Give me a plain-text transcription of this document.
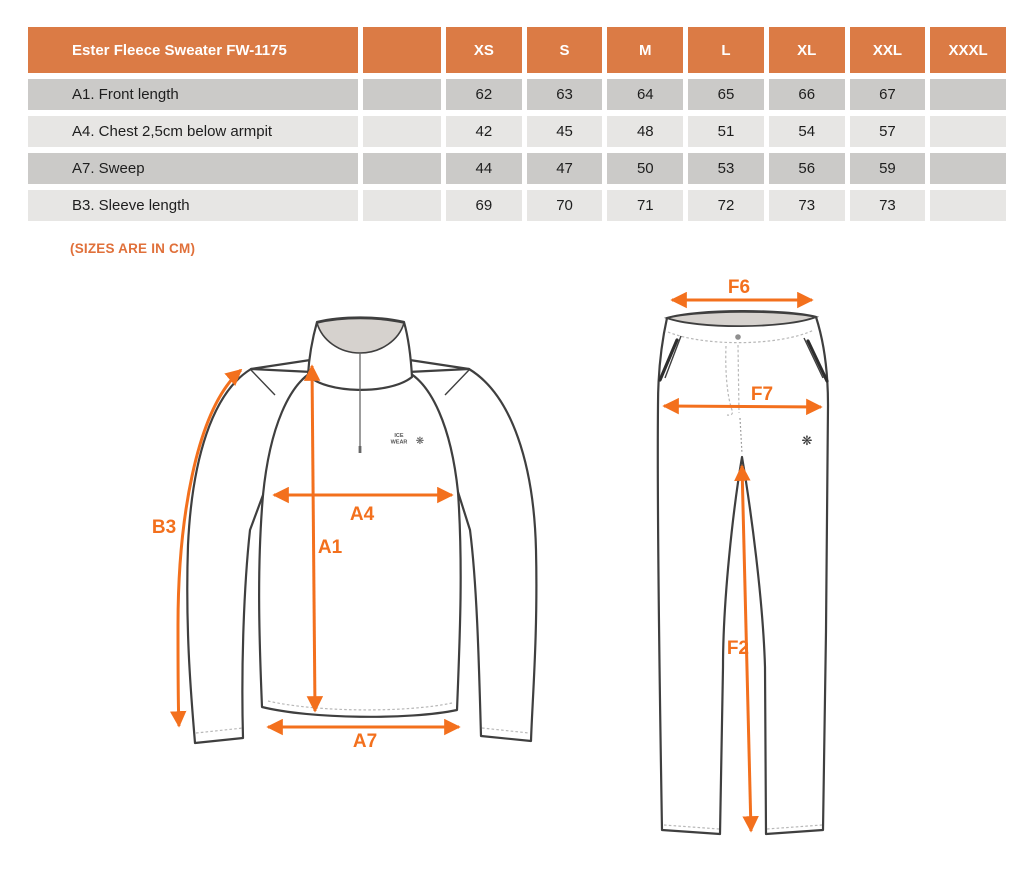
Ester Fleece Sweater FW-1175	XS	S	M	L	XL	XXL	XXXL
A1. Front length	62	63	64	65	66	67
A4. Chest 2,5cm below armpit	42	45	48	51	54	57
A7. Sweep	44	47	50	53	56	59
B3. Sleeve length	69	70	71	72	73	73
(SIZES ARE IN CM)
ICE
WEAR ❋
B3
A4
A1
A7
❋
F6
F7
F2
